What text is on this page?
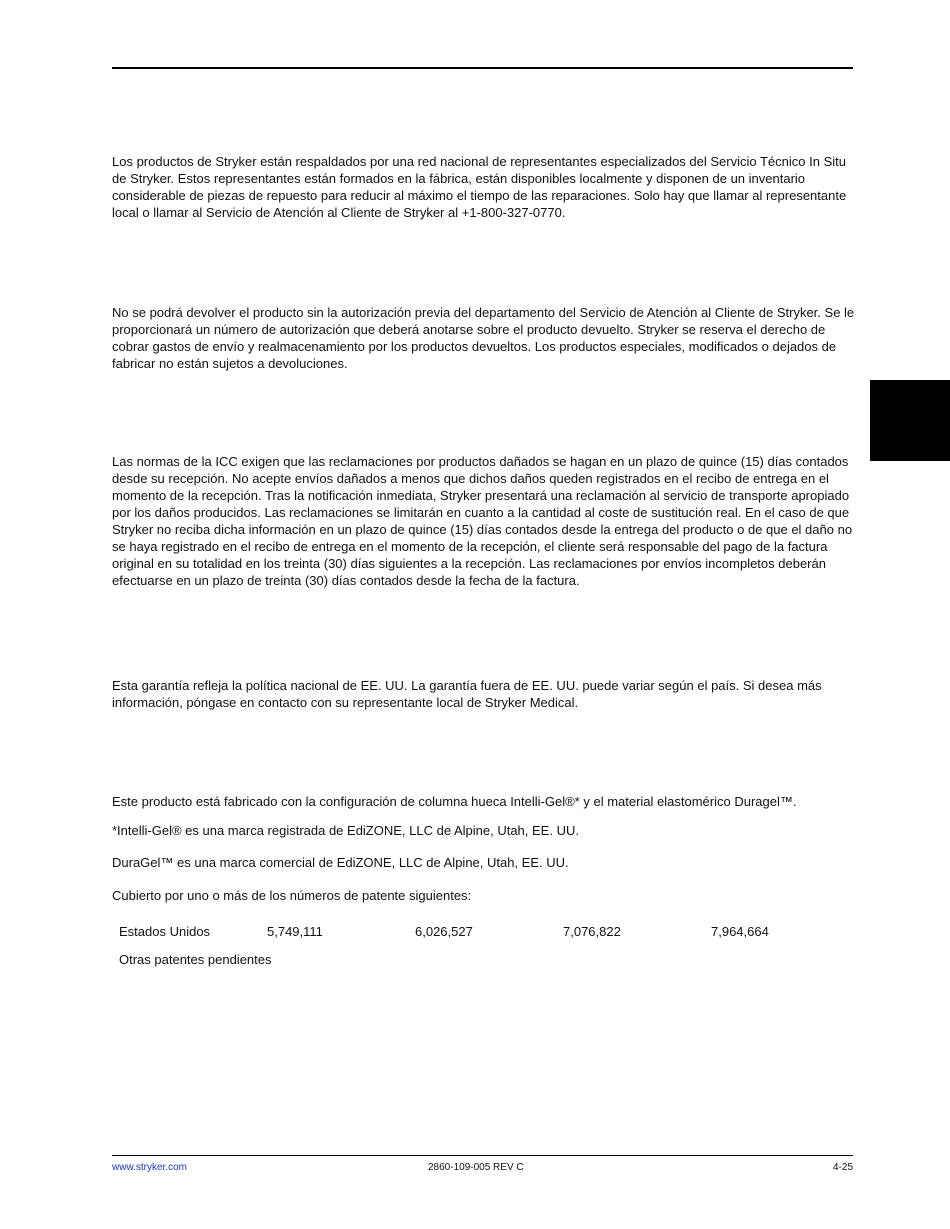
Los productos de Stryker están respaldados por una red nacional de representantes especializados del Servicio Técnico In Situ de Stryker. Estos representantes están formados en la fábrica, están disponibles localmente y disponen de un inventario considerable de piezas de repuesto para reducir al máximo el tiempo de las reparaciones. Solo hay que llamar al representante local o llamar al Servicio de Atención al Cliente de Stryker al +1-800-327-0770.

No se podrá devolver el producto sin la autorización previa del departamento del Servicio de Atención al Cliente de Stryker. Se le proporcionará un número de autorización que deberá anotarse sobre el producto devuelto. Stryker se reserva el derecho de cobrar gastos de envío y realmacenamiento por los productos devueltos. Los productos especiales, modificados o dejados de fabricar no están sujetos a devoluciones.

Las normas de la ICC exigen que las reclamaciones por productos dañados se hagan en un plazo de quince (15) días contados desde su recepción. No acepte envíos dañados a menos que dichos daños queden registrados en el recibo de entrega en el momento de la recepción. Tras la notificación inmediata, Stryker presentará una reclamación al servicio de transporte apropiado por los daños producidos. Las reclamaciones se limitarán en cuanto a la cantidad al coste de sustitución real. En el caso de que Stryker no reciba dicha información en un plazo de quince (15) días contados desde la entrega del producto o de que el daño no se haya registrado en el recibo de entrega en el momento de la recepción, el cliente será responsable del pago de la factura original en su totalidad en los treinta (30) días siguientes a la recepción. Las reclamaciones por envíos incompletos deberán efectuarse en un plazo de treinta (30) días contados desde la fecha de la factura.

Esta garantía refleja la política nacional de EE. UU. La garantía fuera de EE. UU. puede variar según el país. Si desea más información, póngase en contacto con su representante local de Stryker Medical.

Este producto está fabricado con la configuración de columna hueca Intelli-Gel®* y el material elastomérico Duragel™.

*Intelli-Gel® es una marca registrada de EdiZONE, LLC de Alpine, Utah, EE. UU.

DuraGel™ es una marca comercial de EdiZONE, LLC de Alpine, Utah, EE. UU.

Cubierto por uno o más de los números de patente siguientes:

Estados Unidos	5,749,111	6,026,527	7,076,822	7,964,664
Otras patentes pendientes
www.stryker.com	2860-109-005 REV C	4-25
